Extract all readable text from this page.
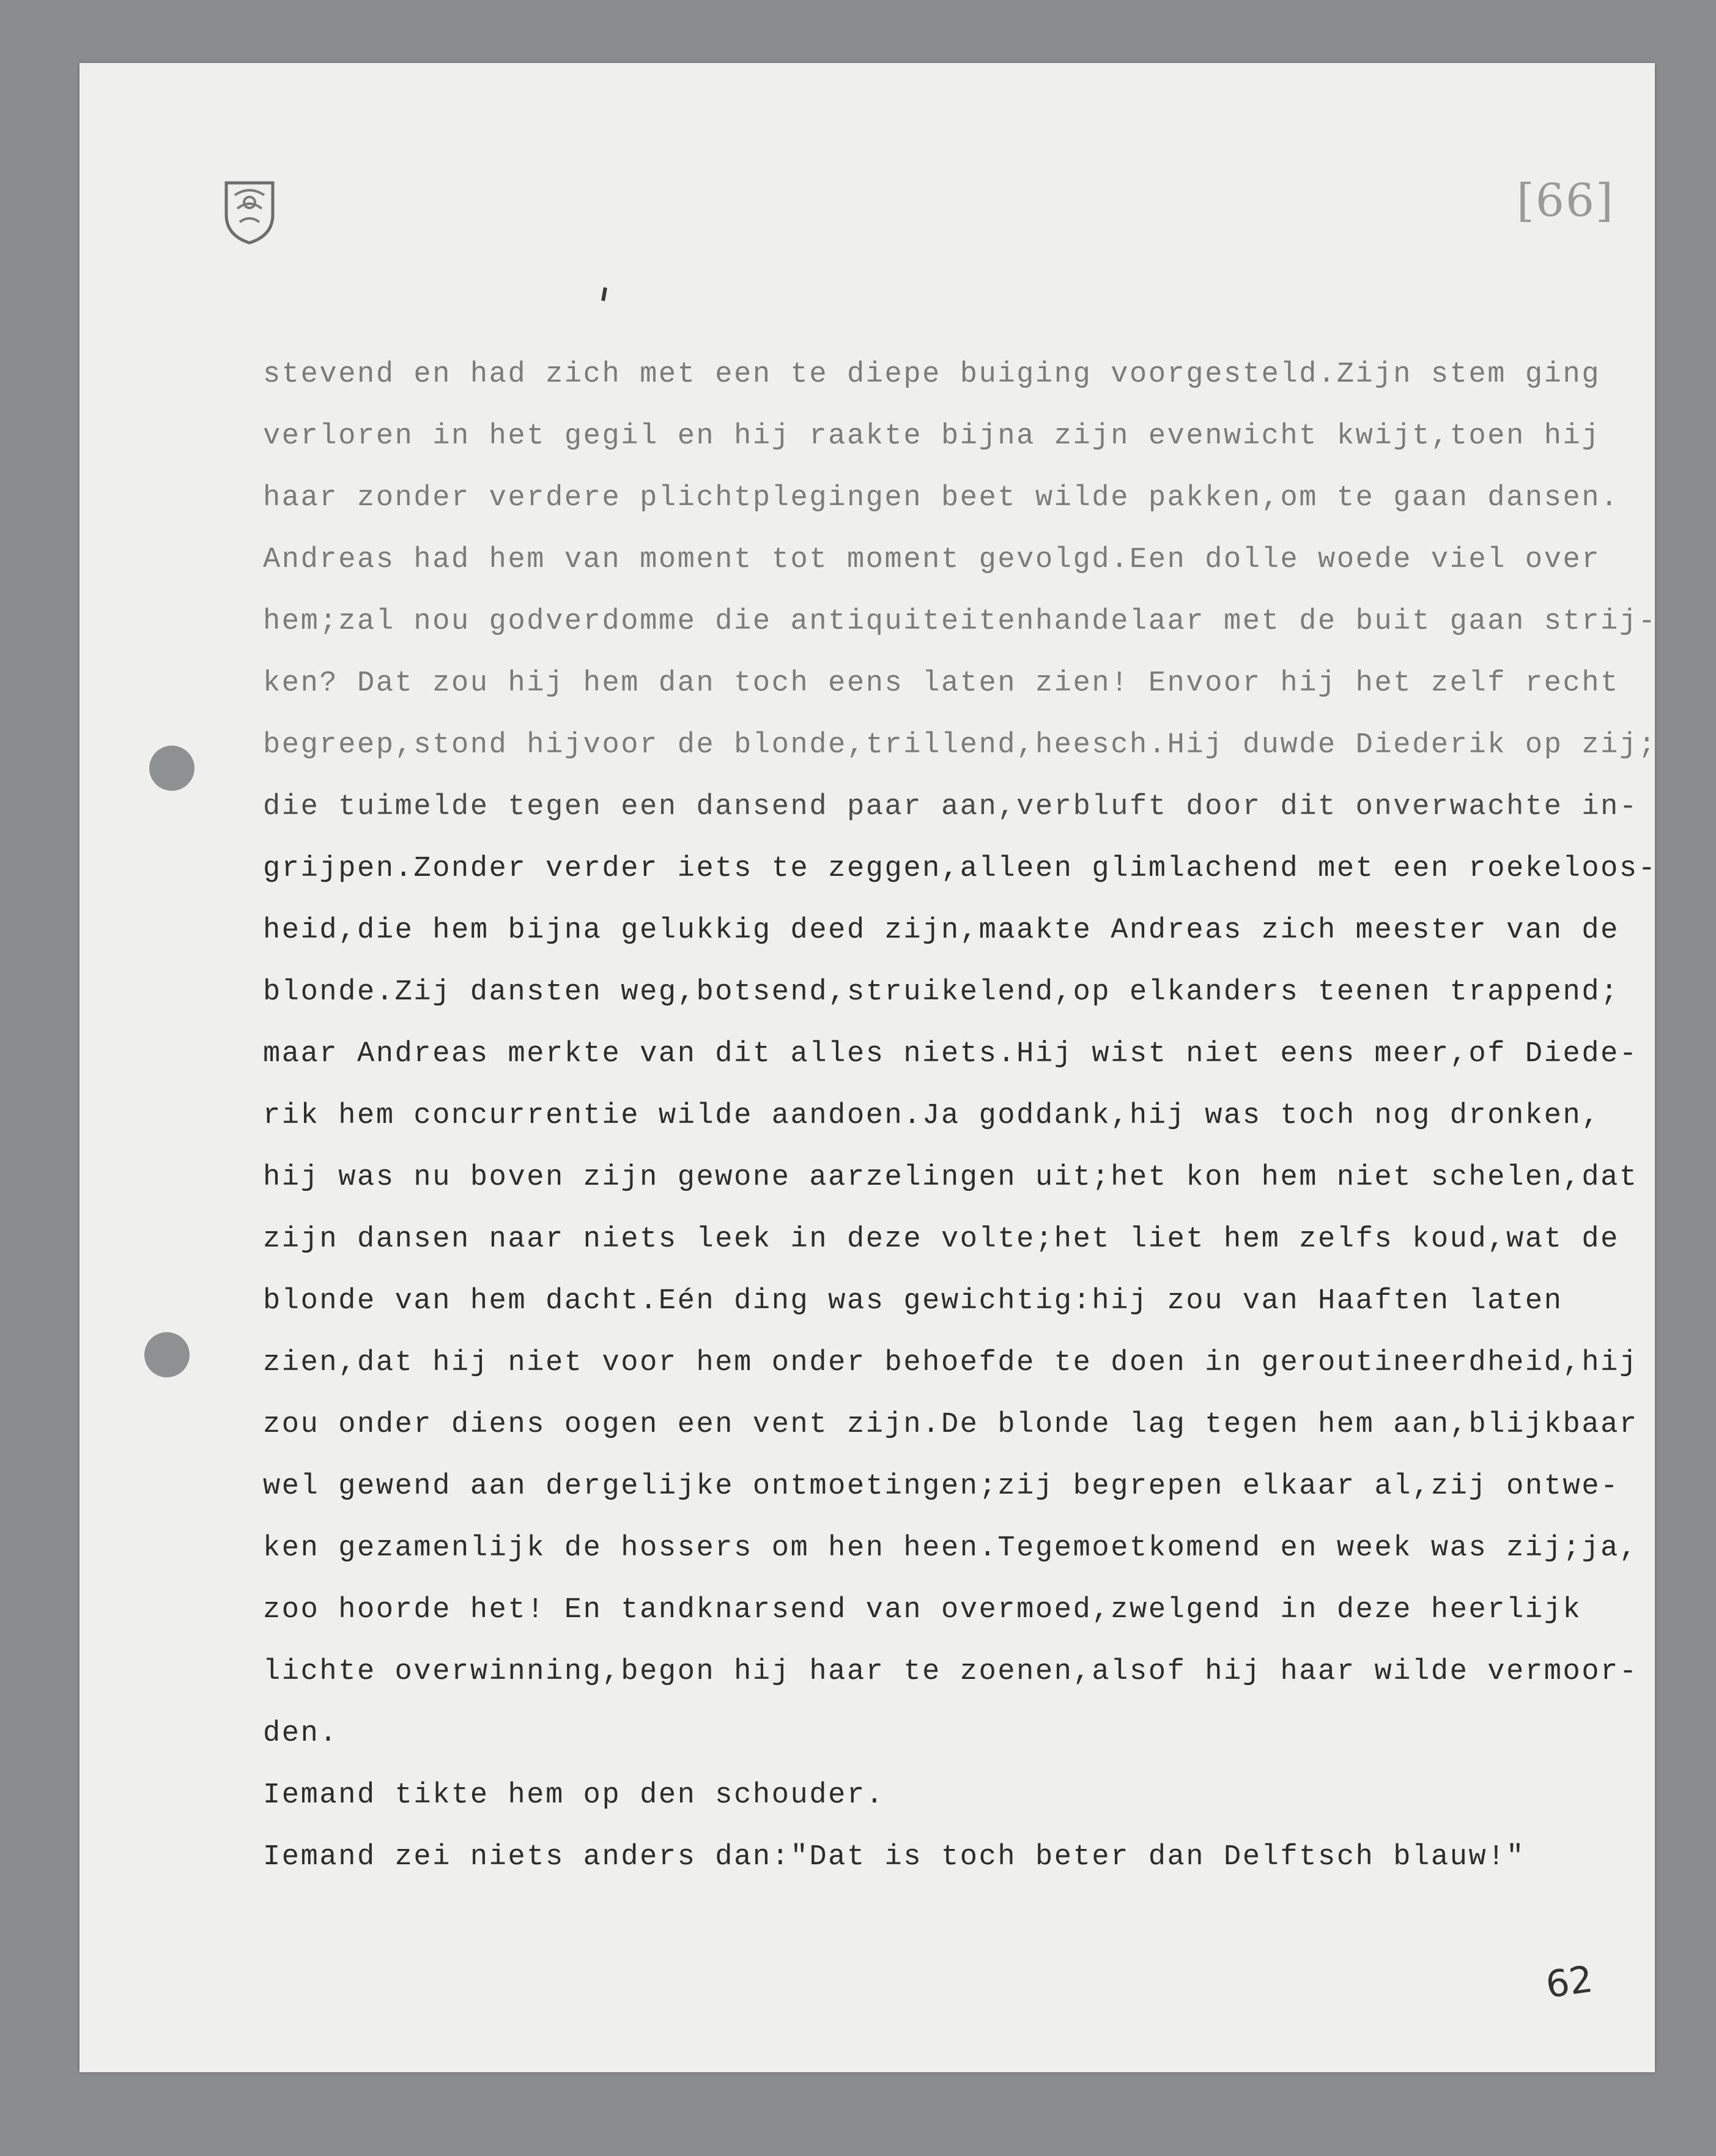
[66]
stevend en had zich met een te diepe buiging voorgesteld.Zijn stem ging
verloren in het gegil en hij raakte bijna zijn evenwicht kwijt,toen hij
haar zonder verdere plichtplegingen beet wilde pakken,om te gaan dansen.
Andreas had hem van moment tot moment gevolgd.Een dolle woede viel over
hem;zal nou godverdomme die antiquiteitenhandelaar met de buit gaan strij-
ken? Dat zou hij hem dan toch eens laten zien! Envoor hij het zelf recht
begreep,stond hijvoor de blonde,trillend,heesch.Hij duwde Diederik op zij;
die tuimelde tegen een dansend paar aan,verbluft door dit onverwachte in-
grijpen.Zonder verder iets te zeggen,alleen glimlachend met een roekeloos-
heid,die hem bijna gelukkig deed zijn,maakte Andreas zich meester van de
blonde.Zij dansten weg,botsend,struikelend,op elkanders teenen trappend;
maar Andreas merkte van dit alles niets.Hij wist niet eens meer,of Diede-
rik hem concurrentie wilde aandoen.Ja goddank,hij was toch nog dronken,
hij was nu boven zijn gewone aarzelingen uit;het kon hem niet schelen,dat
zijn dansen naar niets leek in deze volte;het liet hem zelfs koud,wat de
blonde van hem dacht.Eén ding was gewichtig:hij zou van Haaften laten
zien,dat hij niet voor hem onder behoefde te doen in geroutineerdheid,hij
zou onder diens oogen een vent zijn.De blonde lag tegen hem aan,blijkbaar
wel gewend aan dergelijke ontmoetingen;zij begrepen elkaar al,zij ontwe-
ken gezamenlijk de hossers om hen heen.Tegemoetkomend en week was zij;ja,
zoo hoorde het! En tandknarsend van overmoed,zwelgend in deze heerlijk
lichte overwinning,begon hij haar te zoenen,alsof hij haar wilde vermoor-
den.
Iemand tikte hem op den schouder.
Iemand zei niets anders dan:"Dat is toch beter dan Delftsch blauw!"
62
